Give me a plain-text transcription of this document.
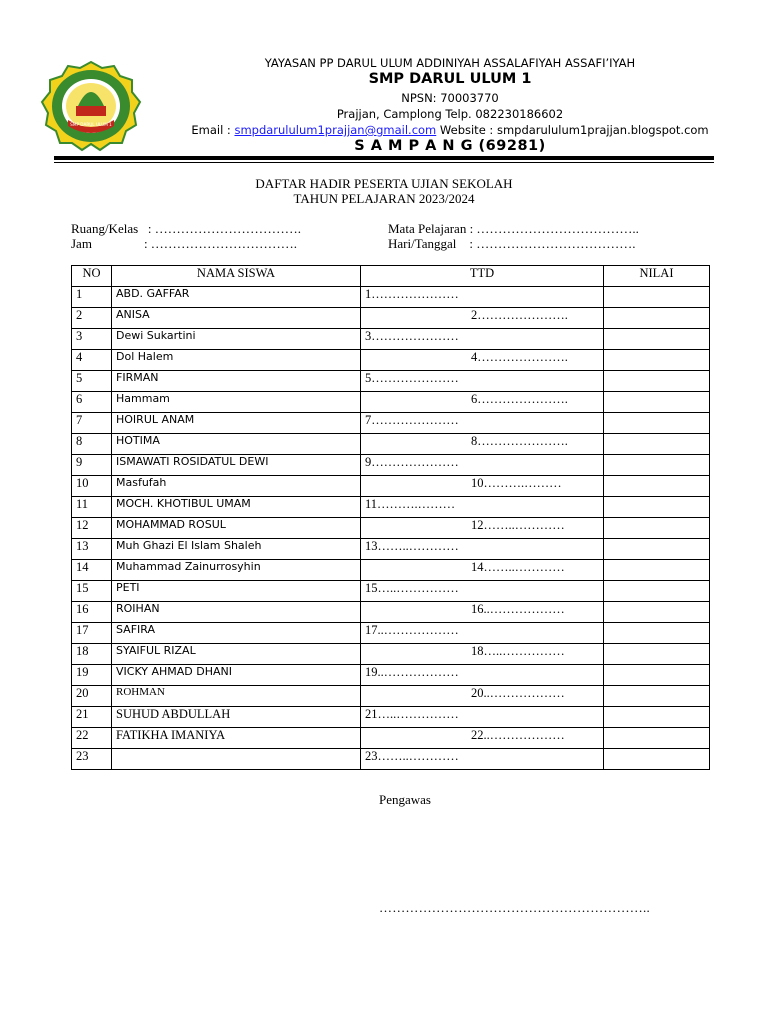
SMP DARUL ULUM 1
YAYASAN PP DARUL ULUM ADDINIYAH ASSALAFIYAH ASSAFI’IYAH
SMP DARUL ULUM 1
NPSN: 70003770
Prajjan, Camplong Telp. 082230186602
Email : smpdarululum1prajjan@gmail.com Website : smpdarululum1prajjan.blogspot.com
S A M P A N G (69281)
DAFTAR HADIR PESERTA UJIAN SEKOLAH
TAHUN PELAJARAN 2023/2024
Ruang/Kelas   : …………………………….
Jam                : …………………………….
Mata Pelajaran : ………………………………..
Hari/Tanggal    : ……………………………….
NO	NAMA SISWA	TTD	NILAI
1	ABD. GAFFAR	1…………………	
2	ANISA	2………………….	
3	Dewi Sukartini	3…………………	
4	Dol Halem	4………………….	
5	FIRMAN	5…………………	
6	Hammam	6………………….	
7	HOIRUL ANAM	7…………………	
8	HOTIMA	8………………….	
9	ISMAWATI ROSIDATUL DEWI	9…………………	
10	Masfufah	10……….………	
11	MOCH. KHOTIBUL UMAM	11……….………	
12	MOHAMMAD ROSUL	12……..…………	
13	Muh Ghazi El Islam Shaleh	13……..…………	
14	Muhammad Zainurrosyhin	14……..…………	
15	PETI	15…..……………	
16	ROIHAN	16..………………	
17	SAFIRA	17..………………	
18	SYAIFUL RIZAL	18…..……………	
19	VICKY AHMAD DHANI	19..………………	
20	ROHMAN	20..………………	
21	SUHUD ABDULLAH	21…..……………	
22	FATIKHA IMANIYA	22..………………	
23		23……..…………	
Pengawas
……………………………………………………..
